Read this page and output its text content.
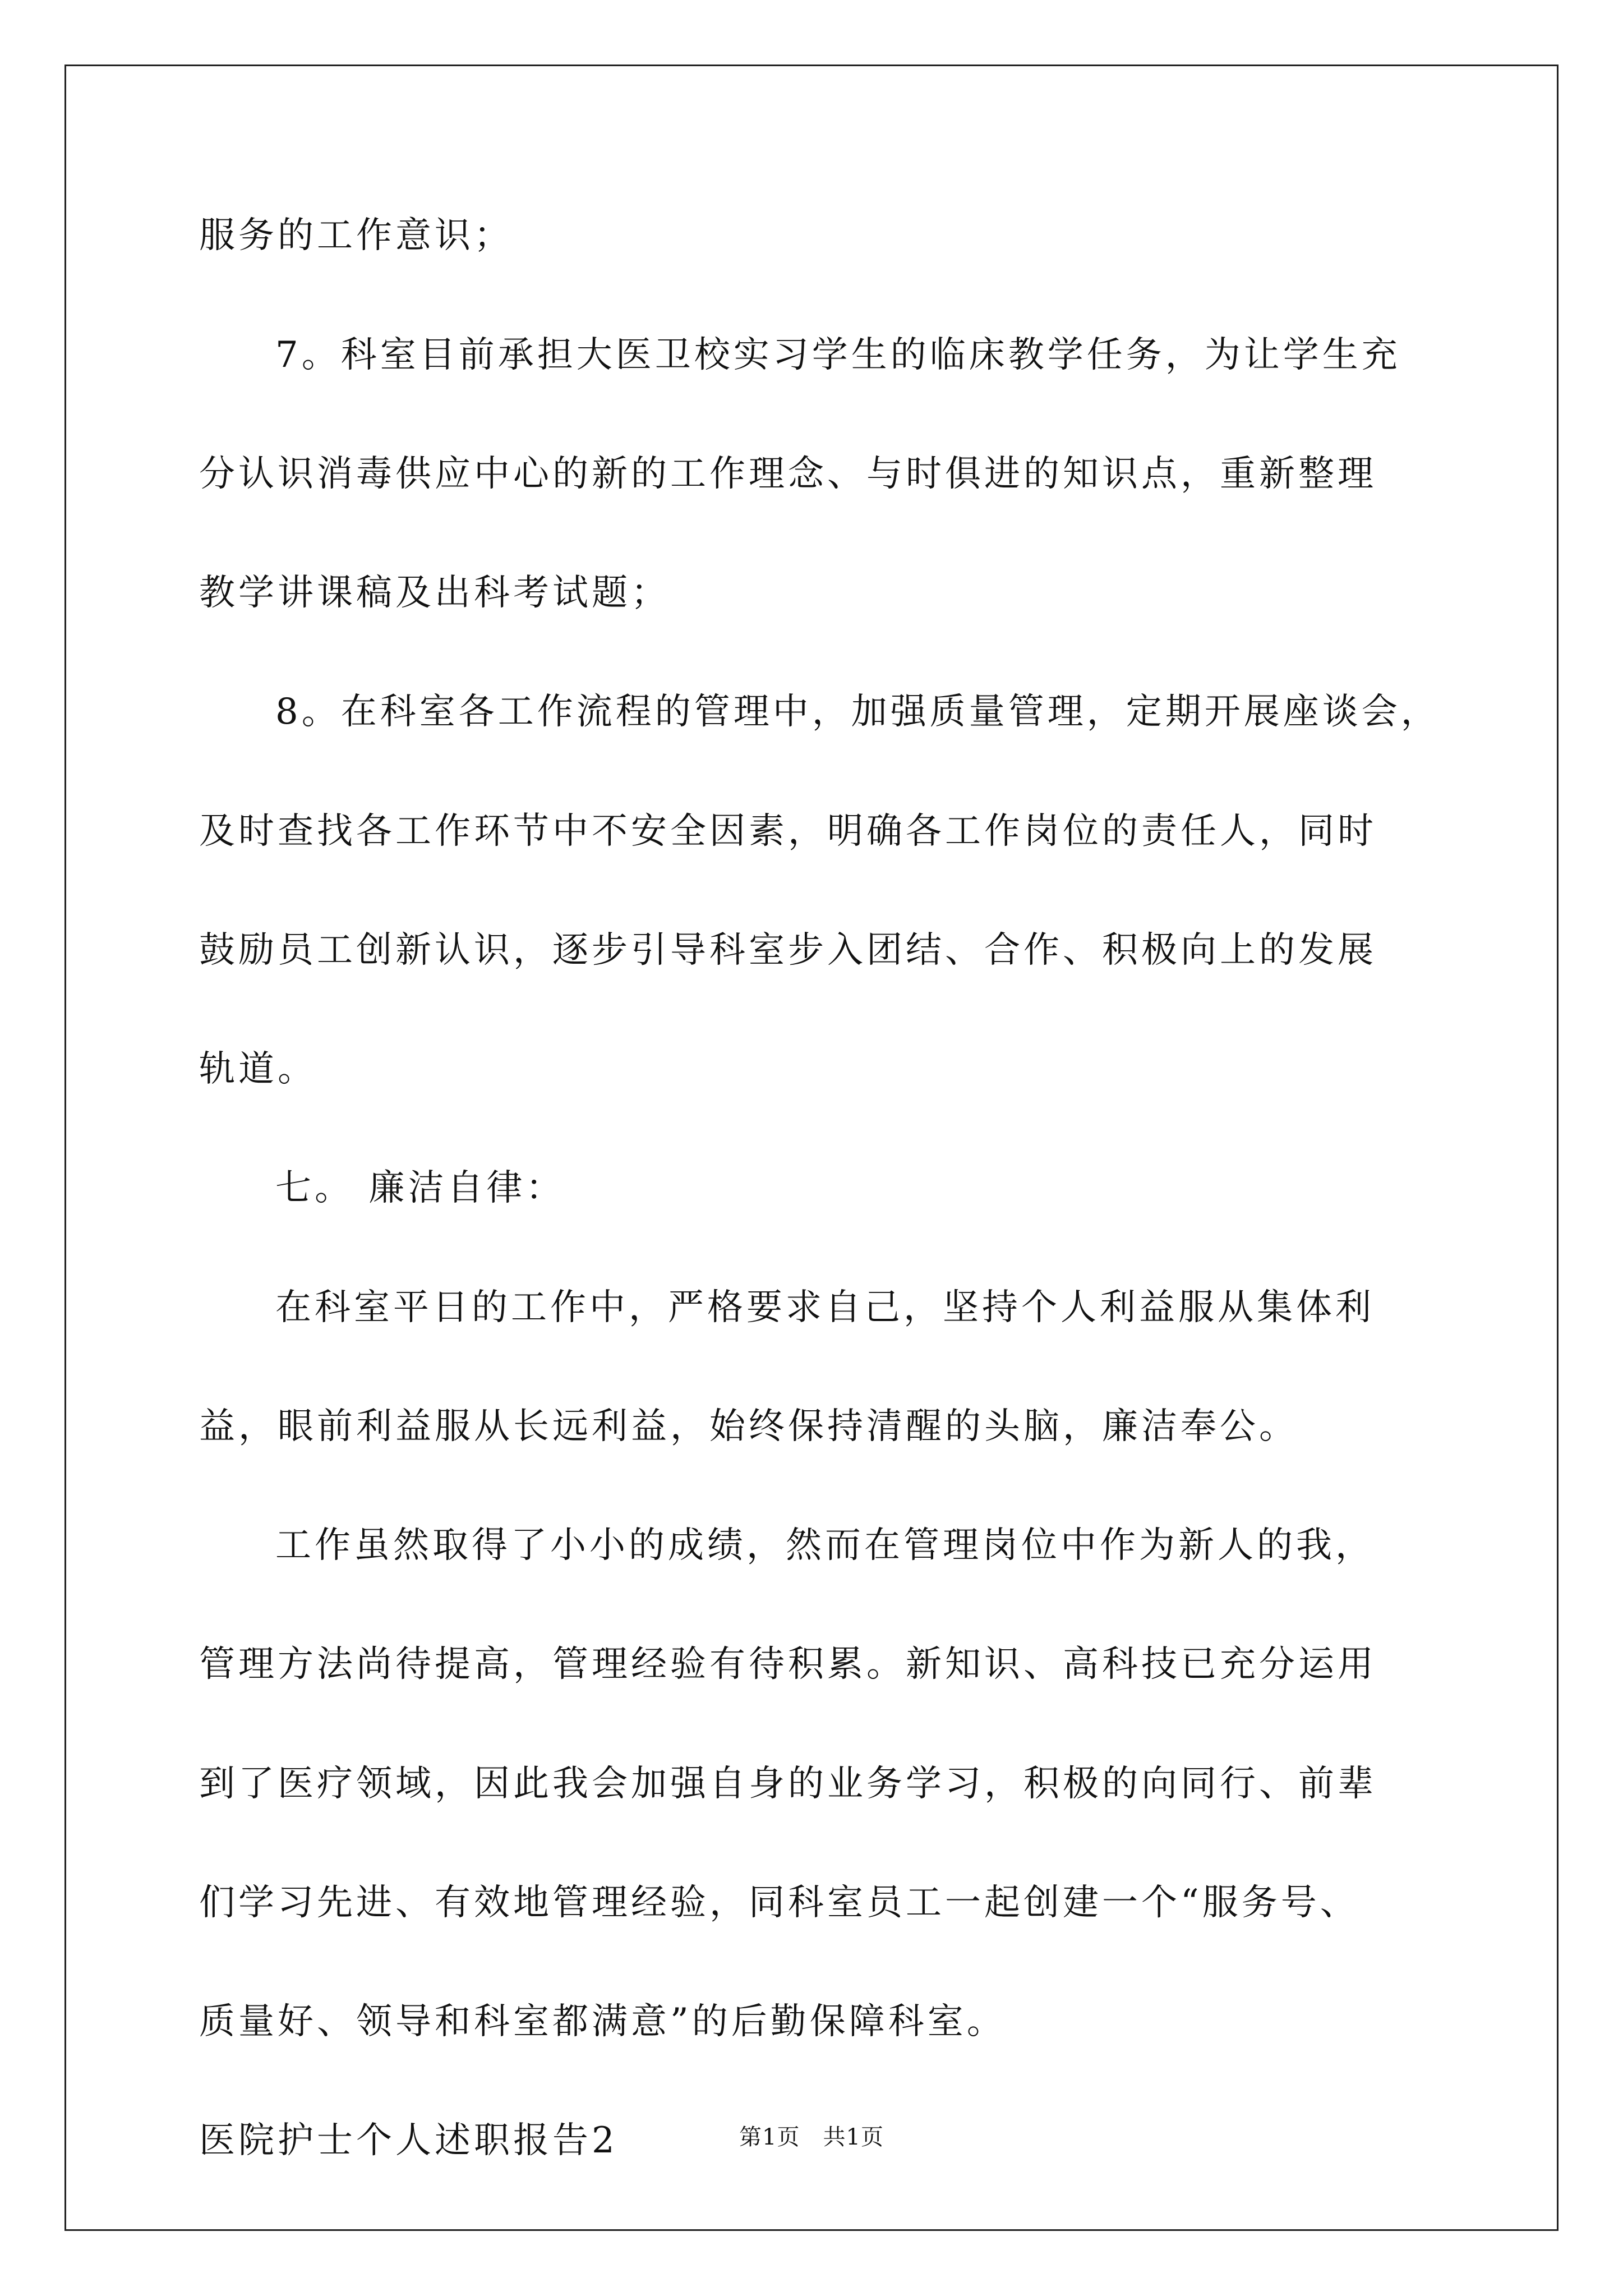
服务的工作意识；
7。科室目前承担大医卫校实习学生的临床教学任务，为让学生充
分认识消毒供应中心的新的工作理念、与时俱进的知识点，重新整理
教学讲课稿及出科考试题；
8。在科室各工作流程的管理中，加强质量管理，定期开展座谈会，
及时查找各工作环节中不安全因素，明确各工作岗位的责任人，同时
鼓励员工创新认识，逐步引导科室步入团结、合作、积极向上的发展
轨道。
七。 廉洁自律：
在科室平日的工作中，严格要求自己，坚持个人利益服从集体利
益，眼前利益服从长远利益，始终保持清醒的头脑，廉洁奉公。
工作虽然取得了小小的成绩，然而在管理岗位中作为新人的我，
管理方法尚待提高，管理经验有待积累。新知识、高科技已充分运用
到了医疗领域，因此我会加强自身的业务学习，积极的向同行、前辈
们学习先进、有效地管理经验，同科室员工一起创建一个“服务号、
质量好、领导和科室都满意”的后勤保障科室。
医院护士个人述职报告2	第1页　共1页
